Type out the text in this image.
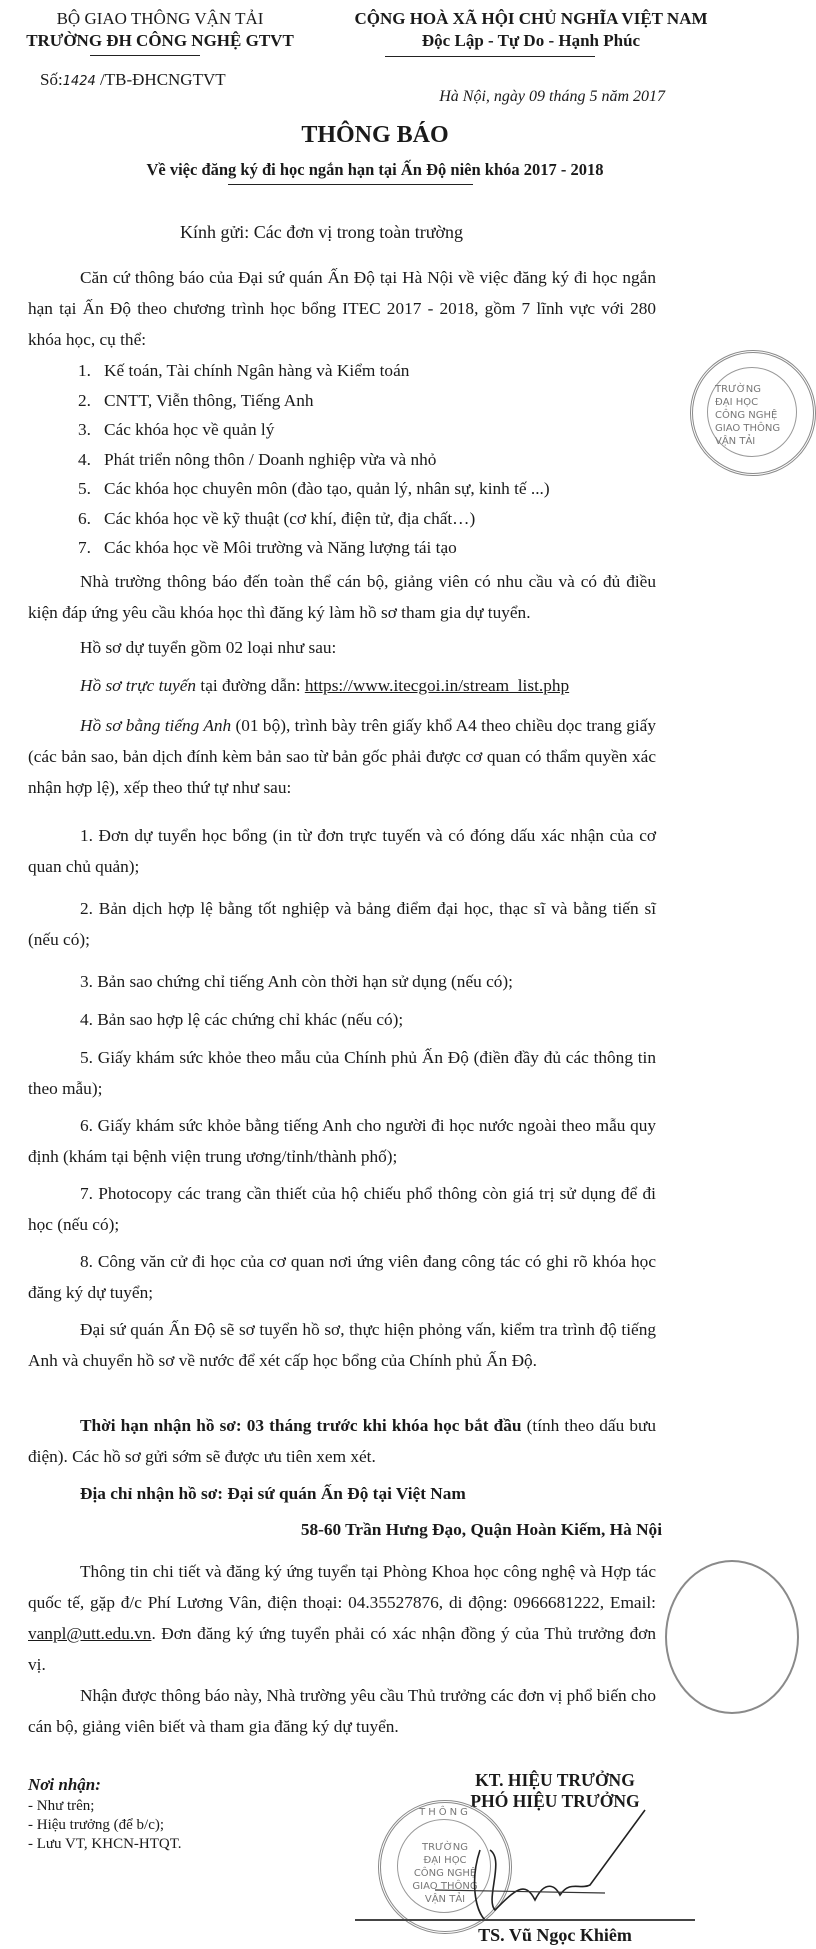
BỘ GIAO THÔNG VẬN TẢI
TRƯỜNG ĐH CÔNG NGHỆ GTVT
CỘNG HOÀ XÃ HỘI CHỦ NGHĨA VIỆT NAM
Độc Lập - Tự Do - Hạnh Phúc
Số:1424 /TB-ĐHCNGTVT
Hà Nội, ngày 09 tháng 5 năm 2017
THÔNG BÁO
Về việc đăng ký đi học ngắn hạn tại Ấn Độ niên khóa 2017 - 2018
Kính gửi: Các đơn vị trong toàn trường
Căn cứ thông báo của Đại sứ quán Ấn Độ tại Hà Nội về việc đăng ký đi học ngắn hạn tại Ấn Độ theo chương trình học bổng ITEC 2017 - 2018, gồm 7 lĩnh vực với 280 khóa học, cụ thể:
1. Kế toán, Tài chính Ngân hàng và Kiểm toán
2. CNTT, Viễn thông, Tiếng Anh
3. Các khóa học về quản lý
4. Phát triển nông thôn / Doanh nghiệp vừa và nhỏ
5. Các khóa học chuyên môn (đào tạo, quản lý, nhân sự, kinh tế ...)
6. Các khóa học về kỹ thuật (cơ khí, điện tử, địa chất…)
7. Các khóa học về Môi trường và Năng lượng tái tạo
Nhà trường thông báo đến toàn thể cán bộ, giảng viên có nhu cầu và có đủ điều kiện đáp ứng yêu cầu khóa học thì đăng ký làm hồ sơ tham gia dự tuyển.
Hồ sơ dự tuyển gồm 02 loại như sau:
Hồ sơ trực tuyến tại đường dẫn: https://www.itecgoi.in/stream_list.php
Hồ sơ bằng tiếng Anh (01 bộ), trình bày trên giấy khổ A4 theo chiều dọc trang giấy (các bản sao, bản dịch đính kèm bản sao từ bản gốc phải được cơ quan có thẩm quyền xác nhận hợp lệ), xếp theo thứ tự như sau:
1. Đơn dự tuyển học bổng (in từ đơn trực tuyến và có đóng dấu xác nhận của cơ quan chủ quản);
2. Bản dịch hợp lệ bằng tốt nghiệp và bảng điểm đại học, thạc sĩ và bằng tiến sĩ (nếu có);
3. Bản sao chứng chỉ tiếng Anh còn thời hạn sử dụng (nếu có);
4. Bản sao hợp lệ các chứng chỉ khác (nếu có);
5. Giấy khám sức khỏe theo mẫu của Chính phủ Ấn Độ (điền đầy đủ các thông tin theo mẫu);
6. Giấy khám sức khỏe bằng tiếng Anh cho người đi học nước ngoài theo mẫu quy định (khám tại bệnh viện trung ương/tỉnh/thành phố);
7. Photocopy các trang cần thiết của hộ chiếu phổ thông còn giá trị sử dụng để đi học (nếu có);
8. Công văn cử đi học của cơ quan nơi ứng viên đang công tác có ghi rõ khóa học đăng ký dự tuyển;
Đại sứ quán Ấn Độ sẽ sơ tuyển hồ sơ, thực hiện phỏng vấn, kiểm tra trình độ tiếng Anh và chuyển hồ sơ về nước để xét cấp học bổng của Chính phủ Ấn Độ.
Thời hạn nhận hồ sơ: 03 tháng trước khi khóa học bắt đầu (tính theo dấu bưu điện). Các hồ sơ gửi sớm sẽ được ưu tiên xem xét.
Địa chỉ nhận hồ sơ: Đại sứ quán Ấn Độ tại Việt Nam
58-60 Trần Hưng Đạo, Quận Hoàn Kiếm, Hà Nội
Thông tin chi tiết và đăng ký ứng tuyển tại Phòng Khoa học công nghệ và Hợp tác quốc tế, gặp đ/c Phí Lương Vân, điện thoại: 04.35527876, di động: 0966681222, Email: vanpl@utt.edu.vn. Đơn đăng ký ứng tuyển phải có xác nhận đồng ý của Thủ trưởng đơn vị.
Nhận được thông báo này, Nhà trường yêu cầu Thủ trưởng các đơn vị phổ biến cho cán bộ, giảng viên biết và tham gia đăng ký dự tuyển.
Nơi nhận:
- Như trên;
- Hiệu trưởng (để b/c);
- Lưu VT, KHCN-HTQT.
KT. HIỆU TRƯỞNG
PHÓ HIỆU TRƯỞNG
THÔNG
TRƯỜNG
ĐẠI HỌC
CÔNG NGHỆ
GIAO THÔNG
VẬN TẢI
TS. Vũ Ngọc Khiêm
TRƯỜNG
ĐẠI HỌC
CÔNG NGHỆ
GIAO THÔNG
VẬN TẢI
